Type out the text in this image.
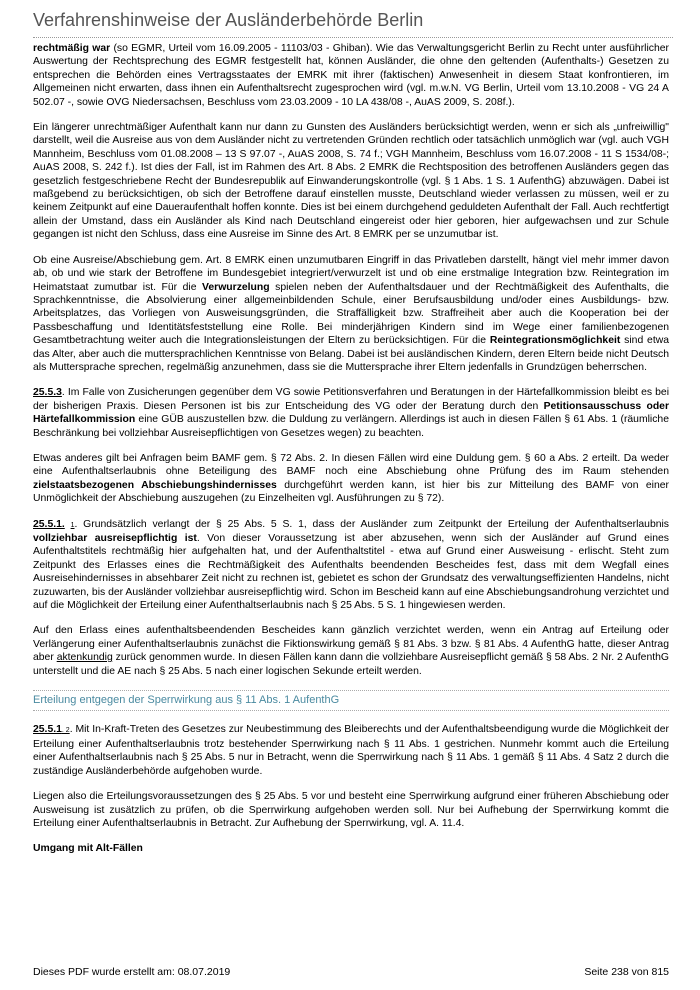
Verfahrenshinweise der Ausländerbehörde Berlin

rechtmäßig war (so EGMR, Urteil vom 16.09.2005 - 11103/03 - Ghiban). Wie das Verwaltungsgericht Berlin zu Recht unter ausführlicher Auswertung der Rechtsprechung des EGMR festgestellt hat, können Ausländer, die ohne den geltenden (Aufenthalts-) Gesetzen zu entsprechen die Behörden eines Vertragsstaates der EMRK mit ihrer (faktischen) Anwesenheit in diesem Staat konfrontieren, im Allgemeinen nicht erwarten, dass ihnen ein Aufenthaltsrecht zugesprochen wird (vgl. m.w.N. VG Berlin, Urteil vom 13.10.2008 - VG 24 A 502.07 -, sowie OVG Niedersachsen, Beschluss vom 23.03.2009 - 10 LA 438/08 -, AuAS 2009, S. 208f.).

Ein längerer unrechtmäßiger Aufenthalt kann nur dann zu Gunsten des Ausländers berücksichtigt werden, wenn er sich als „unfreiwillig" darstellt, weil die Ausreise aus von dem Ausländer nicht zu vertretenden Gründen rechtlich oder tatsächlich unmöglich war (vgl. auch VGH Mannheim, Beschluss vom 01.08.2008 – 13 S 97.07 -, AuAS 2008, S. 74 f.; VGH Mannheim, Beschluss vom 16.07.2008 - 11 S 1534/08-; AuAS 2008, S. 242 f.). Ist dies der Fall, ist im Rahmen des Art. 8 Abs. 2 EMRK die Rechtsposition des betroffenen Ausländers gegen das gesetzlich festgeschriebene Recht der Bundesrepublik auf Einwanderungskontrolle (vgl. § 1 Abs. 1 S. 1 AufenthG) abzuwägen. Dabei ist maßgebend zu berücksichtigen, ob sich der Betroffene darauf einstellen musste, Deutschland wieder verlassen zu müssen, weil er zu keinem Zeitpunkt auf eine Daueraufenthalt hoffen konnte. Dies ist bei einem durchgehend geduldeten Aufenthalt der Fall. Auch rechtfertigt allein der Umstand, dass ein Ausländer als Kind nach Deutschland eingereist oder hier geboren, hier aufgewachsen und zur Schule gegangen ist nicht den Schluss, dass eine Ausreise im Sinne des Art. 8 EMRK per se unzumutbar ist.

Ob eine Ausreise/Abschiebung gem. Art. 8 EMRK einen unzumutbaren Eingriff in das Privatleben darstellt, hängt viel mehr immer davon ab, ob und wie stark der Betroffene im Bundesgebiet integriert/verwurzelt ist und ob eine erstmalige Integration bzw. Reintegration im Heimatstaat zumutbar ist. Für die Verwurzelung spielen neben der Aufenthaltsdauer und der Rechtmäßigkeit des Aufenthalts, die Sprachkenntnisse, die Absolvierung einer allgemeinbildenden Schule, einer Berufsausbildung und/oder eines Ausbildungs- bzw. Arbeitsplatzes, das Vorliegen von Ausweisungsgründen, die Straffälligkeit bzw. Straffreiheit aber auch die Kooperation bei der Passbeschaffung und Identitätsfeststellung eine Rolle. Bei minderjährigen Kindern sind im Wege einer familienbezogenen Gesamtbetrachtung weiter auch die Integrationsleistungen der Eltern zu berücksichtigen. Für die Reintegrationsmöglichkeit sind etwa das Alter, aber auch die muttersprachlichen Kenntnisse von Belang. Dabei ist bei ausländischen Kindern, deren Eltern beide nicht Deutsch als Muttersprache sprechen, regelmäßig anzunehmen, dass sie die Muttersprache ihrer Eltern jedenfalls in Grundzügen beherrschen.

25.5.3. Im Falle von Zusicherungen gegenüber dem VG sowie Petitionsverfahren und Beratungen in der Härtefallkommission bleibt es bei der bisherigen Praxis. Diesen Personen ist bis zur Entscheidung des VG oder der Beratung durch den Petitionsausschuss oder Härtefallkommission eine GÜB auszustellen bzw. die Duldung zu verlängern. Allerdings ist auch in diesen Fällen § 61 Abs. 1 (räumliche Beschränkung bei vollziehbar Ausreisepflichtigen von Gesetzes wegen) zu beachten.

Etwas anderes gilt bei Anfragen beim BAMF gem. § 72 Abs. 2. In diesen Fällen wird eine Duldung gem. § 60 a Abs. 2 erteilt. Da weder eine Aufenthaltserlaubnis ohne Beteiligung des BAMF noch eine Abschiebung ohne Prüfung des im Raum stehenden zielstaatsbezogenen Abschiebungshindernisses durchgeführt werden kann, ist hier bis zur Mitteilung des BAMF von einer Unmöglichkeit der Abschiebung auszugehen (zu Einzelheiten vgl. Ausführungen zu § 72).

25.5.1. 1. Grundsätzlich verlangt der § 25 Abs. 5 S. 1, dass der Ausländer zum Zeitpunkt der Erteilung der Aufenthaltserlaubnis vollziehbar ausreisepflichtig ist. Von dieser Voraussetzung ist aber abzusehen, wenn sich der Ausländer auf Grund eines Aufenthaltstitels rechtmäßig hier aufgehalten hat, und der Aufenthaltstitel - etwa auf Grund einer Ausweisung - erlischt. Steht zum Zeitpunkt des Erlasses eines die Rechtmäßigkeit des Aufenthalts beendenden Bescheides fest, dass mit dem Wegfall eines Ausreisehindernisses in absehbarer Zeit nicht zu rechnen ist, gebietet es schon der Grundsatz des verwaltungseffizienten Handelns, nicht zuzuwarten, bis der Ausländer vollziehbar ausreisepflichtig wird. Schon im Bescheid kann auf eine Abschiebungsandrohung verzichtet und auf die Möglichkeit der Erteilung einer Aufenthaltserlaubnis nach § 25 Abs. 5 S. 1 hingewiesen werden.

Auf den Erlass eines aufenthaltsbeendenden Bescheides kann gänzlich verzichtet werden, wenn ein Antrag auf Erteilung oder Verlängerung einer Aufenthaltserlaubnis zunächst die Fiktionswirkung gemäß § 81 Abs. 3 bzw. § 81 Abs. 4 AufenthG hatte, dieser Antrag aber aktenkundig zurück genommen wurde. In diesen Fällen kann dann die vollziehbare Ausreisepflicht gemäß § 58 Abs. 2 Nr. 2 AufenthG unterstellt und die AE nach § 25 Abs. 5 nach einer logischen Sekunde erteilt werden.

Erteilung entgegen der Sperrwirkung aus § 11 Abs. 1 AufenthG

25.5.1. 2. Mit In-Kraft-Treten des Gesetzes zur Neubestimmung des Bleiberechts und der Aufenthaltsbeendigung wurde die Möglichkeit der Erteilung einer Aufenthaltserlaubnis trotz bestehender Sperrwirkung nach § 11 Abs. 1 gestrichen. Nunmehr kommt auch die Erteilung einer Aufenthaltserlaubnis nach § 25 Abs. 5 nur in Betracht, wenn die Sperrwirkung nach § 11 Abs. 1 gemäß § 11 Abs. 4 Satz 2 durch die zuständige Ausländerbehörde aufgehoben wurde.

Liegen also die Erteilungsvoraussetzungen des § 25 Abs. 5 vor und besteht eine Sperrwirkung aufgrund einer früheren Abschiebung oder Ausweisung ist zusätzlich zu prüfen, ob die Sperrwirkung aufgehoben werden soll. Nur bei Aufhebung der Sperrwirkung kommt die Erteilung einer Aufenthaltserlaubnis in Betracht. Zur Aufhebung der Sperrwirkung, vgl. A. 11.4.

Umgang mit Alt-Fällen

Dieses PDF wurde erstellt am: 08.07.2019	Seite 238 von 815
